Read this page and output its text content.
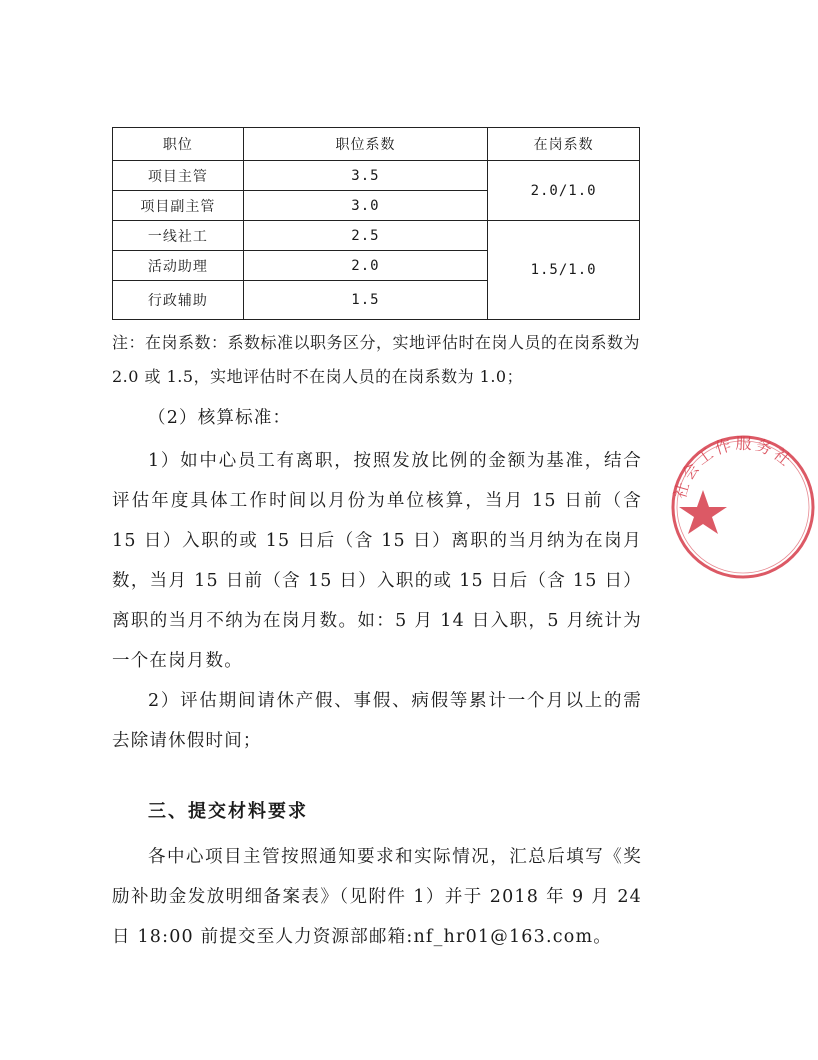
职位	职位系数	在岗系数
项目主管	3.5	2.0/1.0
项目副主管	3.0	
一线社工	2.5	1.5/1.0
活动助理	2.0	
行政辅助	1.5	
注：在岗系数：系数标准以职务区分，实地评估时在岗人员的在岗系数为 2.0 或 1.5，实地评估时不在岗人员的在岗系数为 1.0；
（2）核算标准：
1）如中心员工有离职，按照发放比例的金额为基准，结合评估年度具体工作时间以月份为单位核算，当月 15 日前（含 15 日）入职的或 15 日后（含 15 日）离职的当月纳为在岗月数，当月 15 日前（含 15 日）入职的或 15 日后（含 15 日）离职的当月不纳为在岗月数。如：5 月 14 日入职，5 月统计为一个在岗月数。
2）评估期间请休产假、事假、病假等累计一个月以上的需去除请休假时间；
三、提交材料要求
各中心项目主管按照通知要求和实际情况，汇总后填写《奖励补助金发放明细备案表》（见附件 1）并于 2018 年 9 月 24 日 18:00 前提交至人力资源部邮箱:nf_hr01@163.com。
社会工作服务社
